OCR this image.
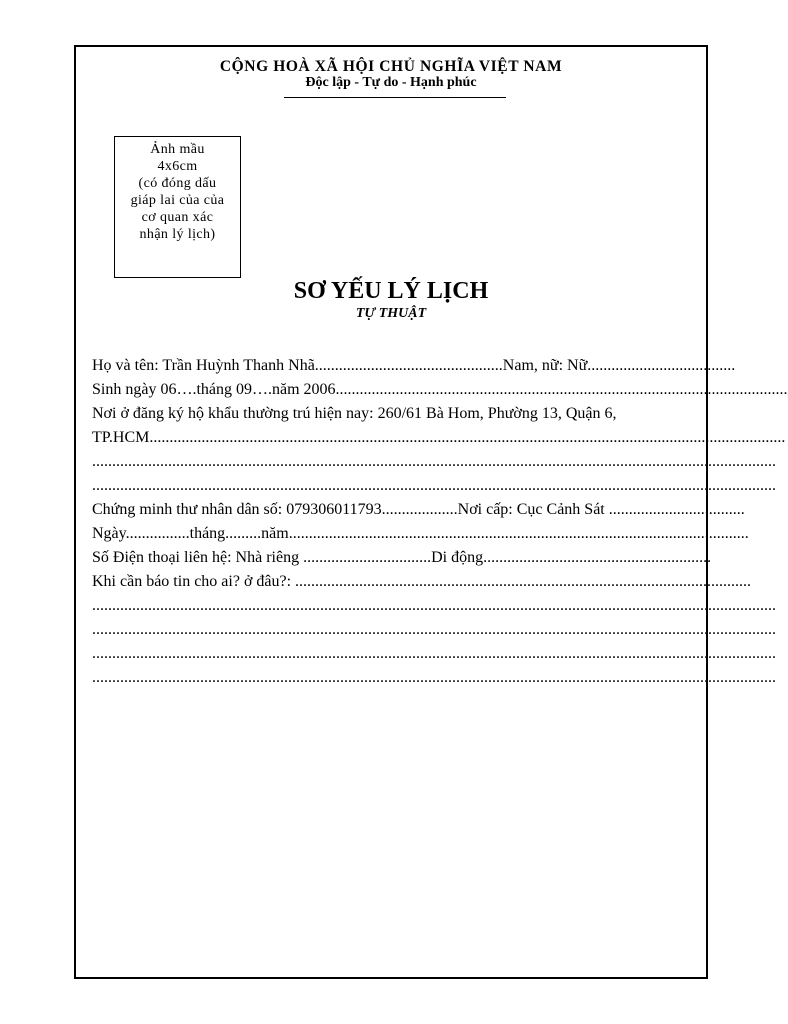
CỘNG HOÀ XÃ HỘI CHỦ NGHĨA VIỆT NAM
Độc lập - Tự do - Hạnh phúc
Ảnh mầu
4x6cm
(có đóng dấu
giáp lai của của
cơ quan xác
nhận lý lịch)
SƠ YẾU LÝ LỊCH
TỰ THUẬT
Họ và tên: Trần Huỳnh Thanh Nhã...............................................Nam, nữ: Nữ.....................................
Sinh ngày 06….tháng 09….năm 2006.................................................................................................................
Nơi ở đăng ký hộ khẩu thường trú hiện nay: 260/61 Bà Hom, Phường 13, Quận 6,
TP.HCM...............................................................................................................................................................
...........................................................................................................................................................................
...........................................................................................................................................................................
Chứng minh thư nhân dân số: 079306011793...................Nơi cấp: Cục Cảnh Sát ..................................
Ngày................tháng.........năm...................................................................................................................
Số Điện thoại liên hệ: Nhà riêng ................................Di động.........................................................
Khi cần báo tin cho ai? ở đâu?: ..................................................................................................................
...........................................................................................................................................................................
...........................................................................................................................................................................
...........................................................................................................................................................................
...........................................................................................................................................................................
